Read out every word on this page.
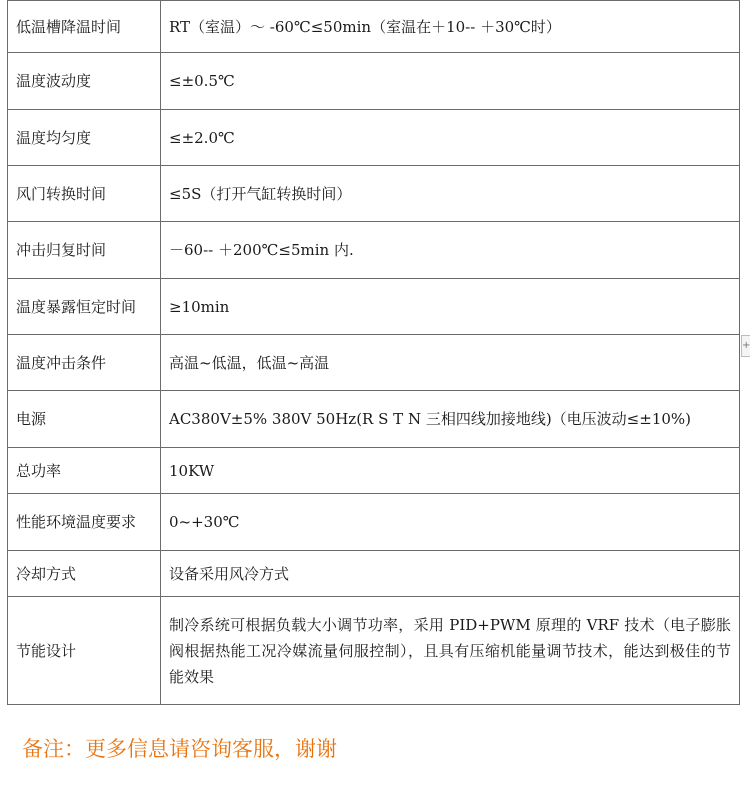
低温槽降温时间	RT（室温）～ -60℃≤50min（室温在＋10-- ＋30℃时）
温度波动度	≤±0.5℃
温度均匀度	≤±2.0℃
风门转换时间	≤5S（打开气缸转换时间）
冲击归复时间	－60-- ＋200℃≤5min 内.
温度暴露恒定时间	≥10min
温度冲击条件	高温~低温，低温~高温
电源	AC380V±5% 380V 50Hz(R S T N 三相四线加接地线)（电压波动≤±10%)
总功率	10KW
性能环境温度要求	0~+30℃
冷却方式	设备采用风冷方式
节能设计	制冷系统可根据负载大小调节功率，采用 PID+PWM 原理的 VRF 技术（电子膨胀阀根据热能工况冷媒流量伺服控制），且具有压缩机能量调节技术，能达到极佳的节能效果
备注：更多信息请咨询客服，谢谢
+
